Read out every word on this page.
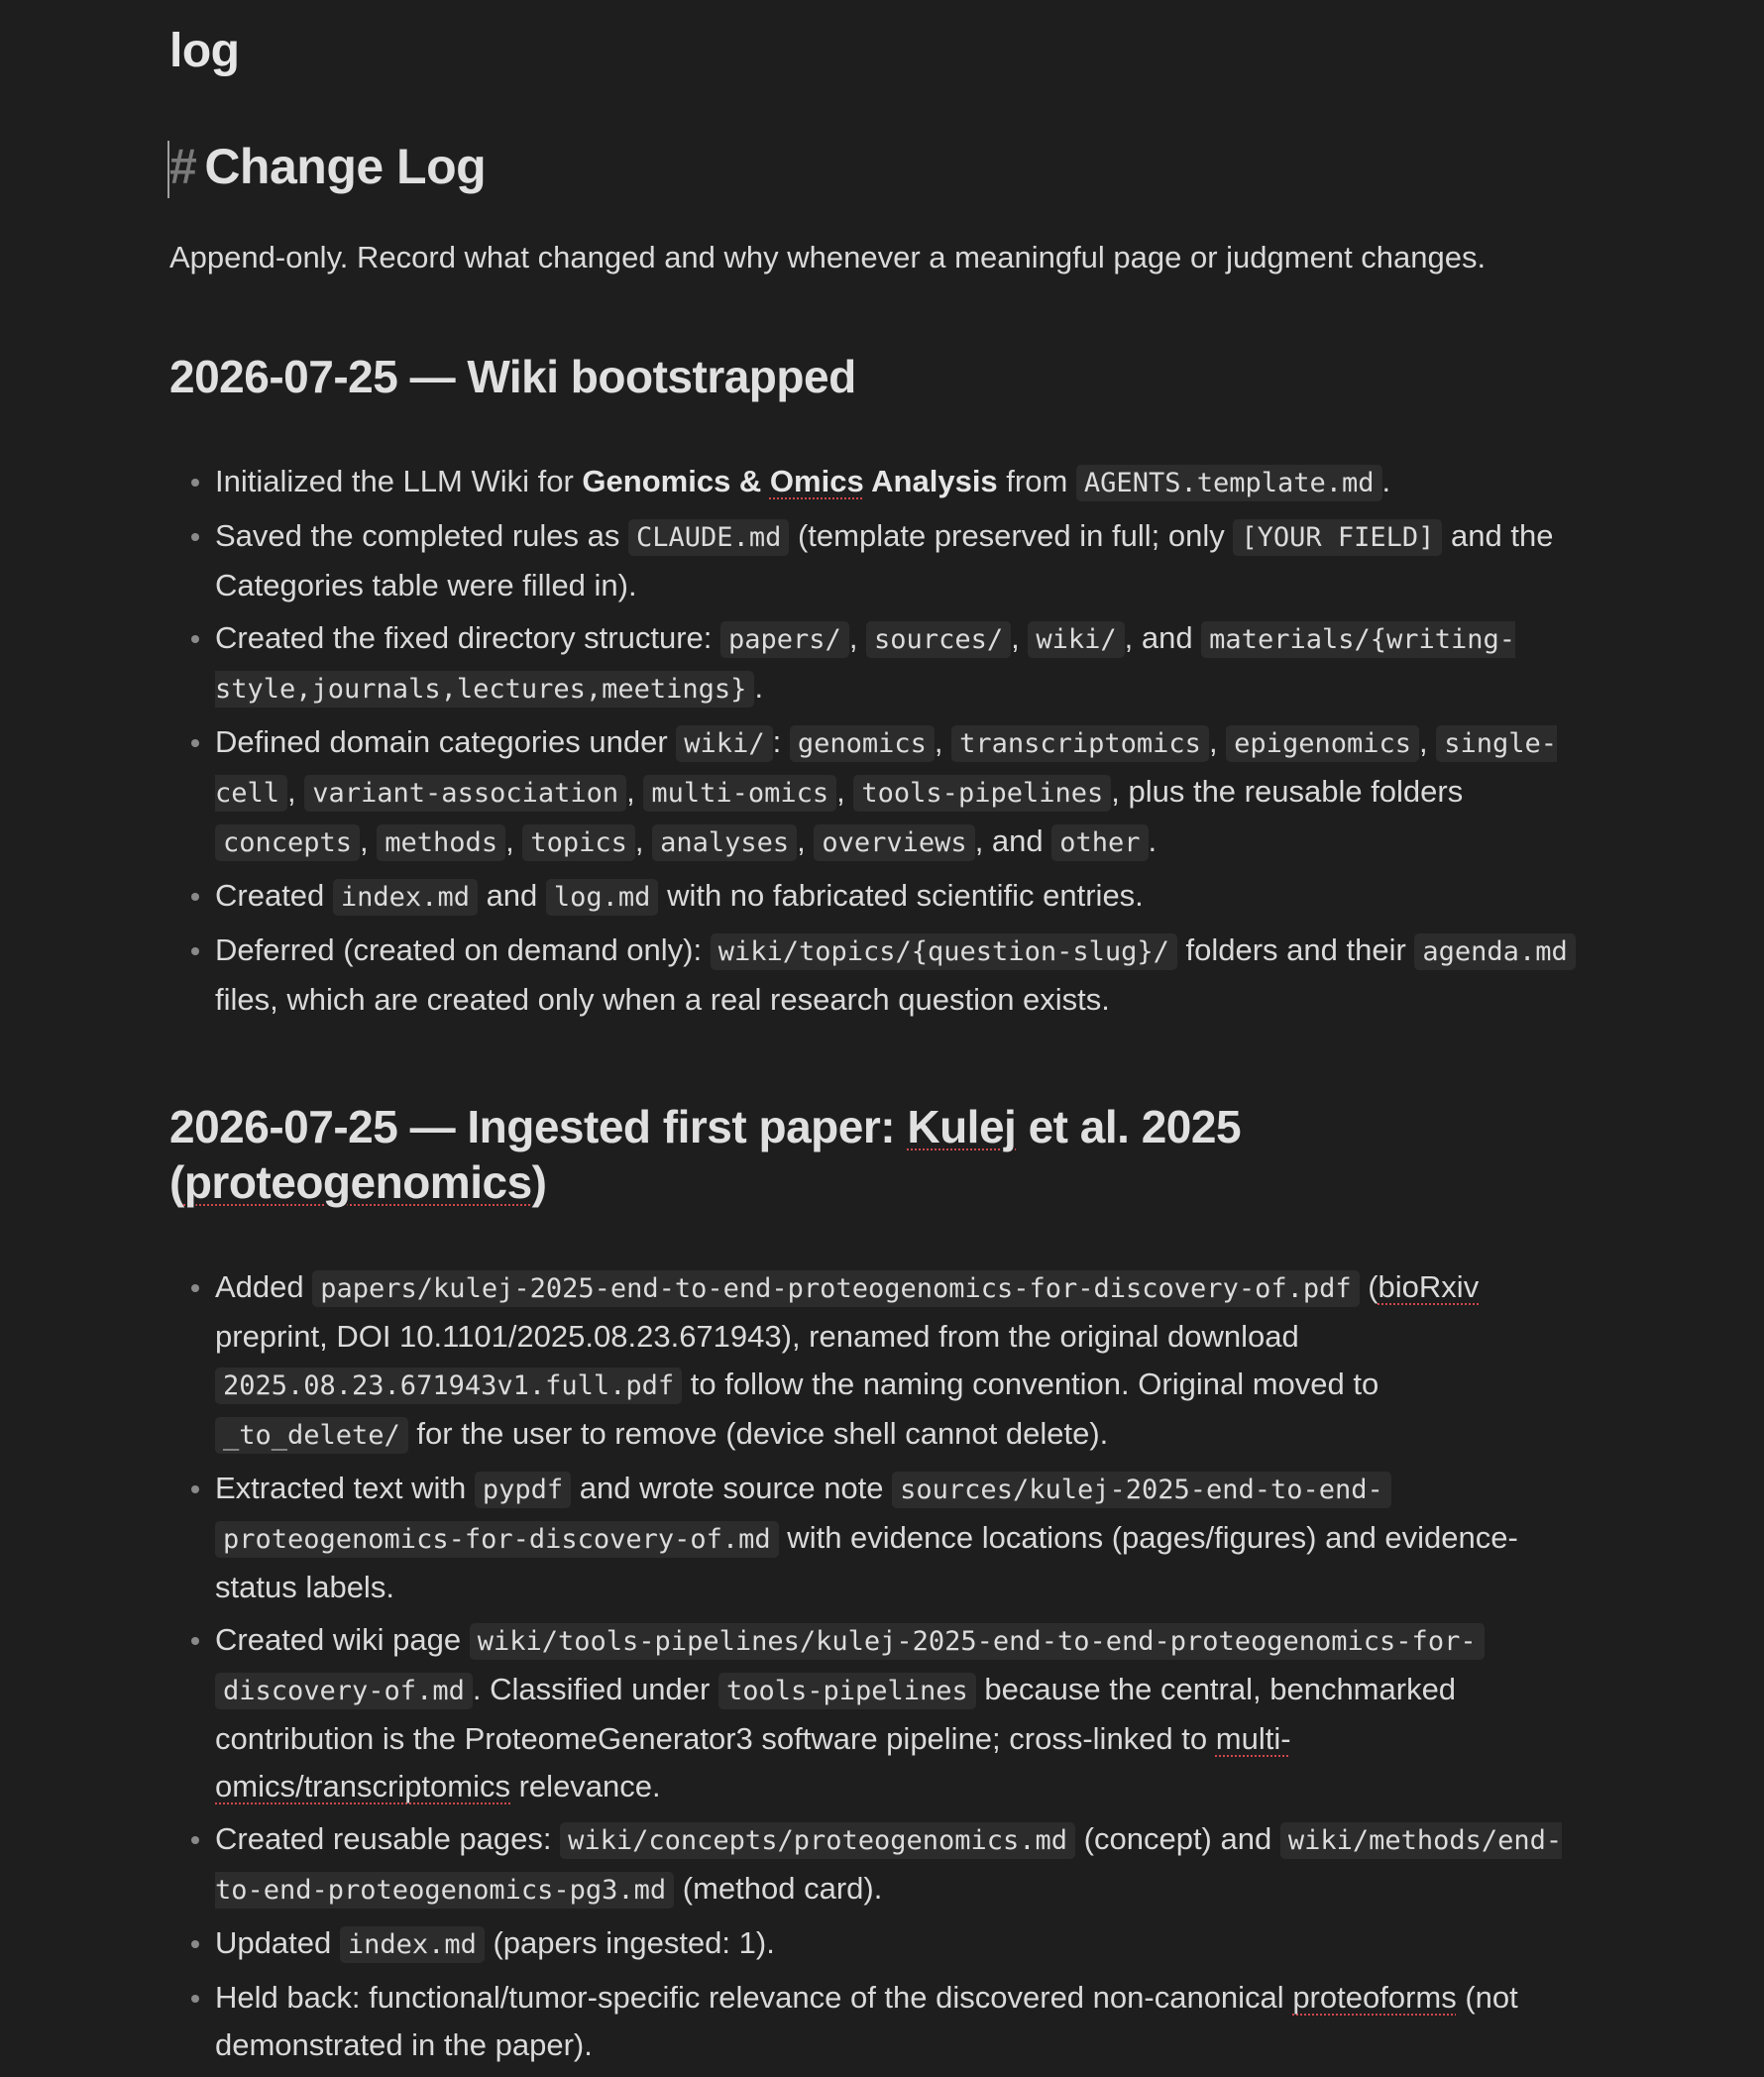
log
# Change Log
Append-only. Record what changed and why whenever a meaningful page or judgment changes.
2026-07-25 — Wiki bootstrapped
Initialized the LLM Wiki for Genomics & Omics Analysis from AGENTS.template.md .
Saved the completed rules as CLAUDE.md (template preserved in full; only [YOUR FIELD] and the Categories table were filled in).
Created the fixed directory structure: papers/ , sources/ , wiki/ , and materials/{writing-style,journals,lectures,meetings} .
Defined domain categories under wiki/ : genomics , transcriptomics , epigenomics , single-cell , variant-association , multi-omics , tools-pipelines , plus the reusable folders concepts , methods , topics , analyses , overviews , and other .
Created index.md and log.md with no fabricated scientific entries.
Deferred (created on demand only): wiki/topics/{question-slug}/ folders and their agenda.md files, which are created only when a real research question exists.
2026-07-25 — Ingested first paper: Kulej et al. 2025 (proteogenomics)
Added papers/kulej-2025-end-to-end-proteogenomics-for-discovery-of.pdf (bioRxiv preprint, DOI 10.1101/2025.08.23.671943), renamed from the original download 2025.08.23.671943v1.full.pdf to follow the naming convention. Original moved to _to_delete/ for the user to remove (device shell cannot delete).
Extracted text with pypdf and wrote source note sources/kulej-2025-end-to-end-
proteogenomics-for-discovery-of.md with evidence locations (pages/figures) and evidence-status labels.
Created wiki page wiki/tools-pipelines/kulej-2025-end-to-end-proteogenomics-for-
discovery-of.md . Classified under tools-pipelines because the central, benchmarked contribution is the ProteomeGenerator3 software pipeline; cross-linked to multi-
omics/transcriptomics relevance.
Created reusable pages: wiki/concepts/proteogenomics.md (concept) and wiki/methods/end-to-end-proteogenomics-pg3.md (method card).
Updated index.md (papers ingested: 1).
Held back: functional/tumor-specific relevance of the discovered non-canonical proteoforms (not demonstrated in the paper).
